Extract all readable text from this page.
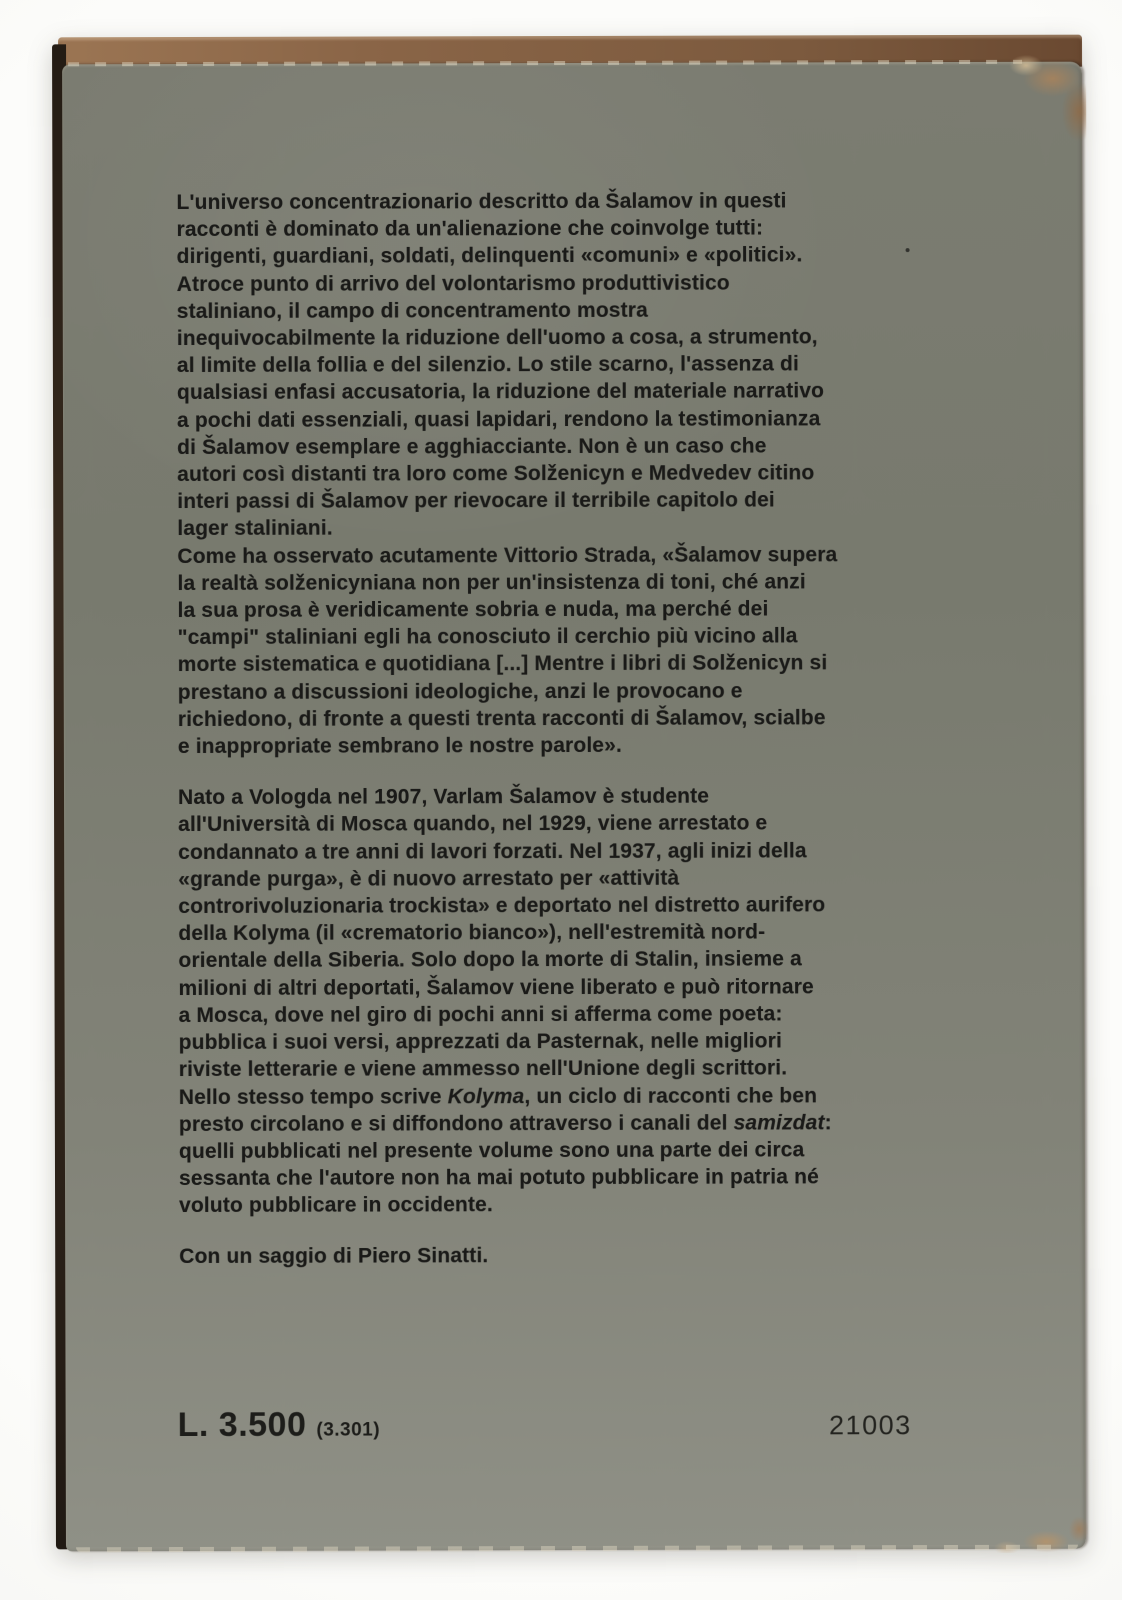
L'universo concentrazionario descritto da Šalamov in questi
racconti è dominato da un'alienazione che coinvolge tutti:
dirigenti, guardiani, soldati, delinquenti «comuni» e «politici».
Atroce punto di arrivo del volontarismo produttivistico
staliniano, il campo di concentramento mostra
inequivocabilmente la riduzione dell'uomo a cosa, a strumento,
al limite della follia e del silenzio. Lo stile scarno, l'assenza di
qualsiasi enfasi accusatoria, la riduzione del materiale narrativo
a pochi dati essenziali, quasi lapidari, rendono la testimonianza
di Šalamov esemplare e agghiacciante. Non è un caso che
autori così distanti tra loro come Solženicyn e Medvedev citino
interi passi di Šalamov per rievocare il terribile capitolo dei
lager staliniani.
Come ha osservato acutamente Vittorio Strada, «Šalamov supera
la realtà solženicyniana non per un'insistenza di toni, ché anzi
la sua prosa è veridicamente sobria e nuda, ma perché dei
"campi" staliniani egli ha conosciuto il cerchio più vicino alla
morte sistematica e quotidiana [...] Mentre i libri di Solženicyn si
prestano a discussioni ideologiche, anzi le provocano e
richiedono, di fronte a questi trenta racconti di Šalamov, scialbe
e inappropriate sembrano le nostre parole».

Nato a Vologda nel 1907, Varlam Šalamov è studente
all'Università di Mosca quando, nel 1929, viene arrestato e
condannato a tre anni di lavori forzati. Nel 1937, agli inizi della
«grande purga», è di nuovo arrestato per «attività
controrivoluzionaria trockista» e deportato nel distretto aurifero
della Kolyma (il «crematorio bianco»), nell'estremità nord-
orientale della Siberia. Solo dopo la morte di Stalin, insieme a
milioni di altri deportati, Šalamov viene liberato e può ritornare
a Mosca, dove nel giro di pochi anni si afferma come poeta:
pubblica i suoi versi, apprezzati da Pasternak, nelle migliori
riviste letterarie e viene ammesso nell'Unione degli scrittori.
Nello stesso tempo scrive Kolyma, un ciclo di racconti che ben
presto circolano e si diffondono attraverso i canali del samizdat:
quelli pubblicati nel presente volume sono una parte dei circa
sessanta che l'autore non ha mai potuto pubblicare in patria né
voluto pubblicare in occidente.

Con un saggio di Piero Sinatti.

L. 3.500 (3.301)	21003
